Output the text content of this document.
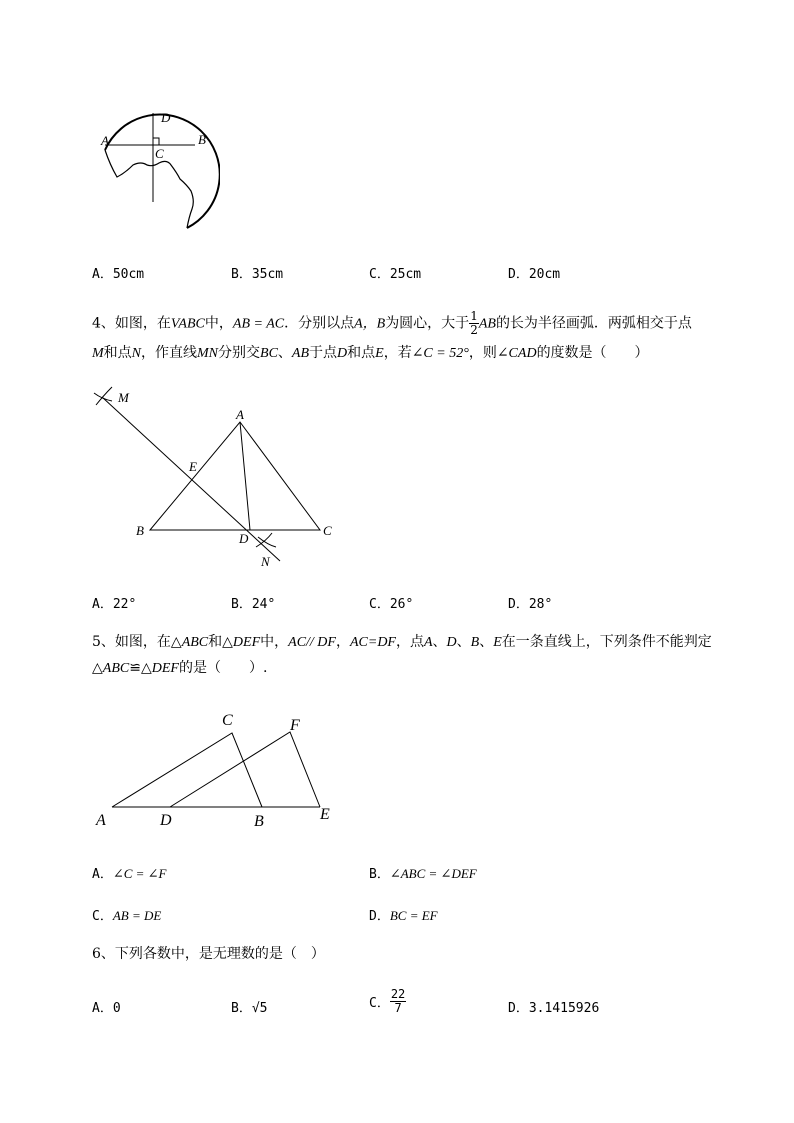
A	B
C
D
A．50cm	B．35cm	C．25cm	D．20cm
4、如图，在VABC中，AB = AC．分别以点A，B为圆心，大于 $\frac{1}{2}$ AB的长为半径画弧．两弧相交于点
M和点N，作直线MN分别交BC、AB于点D和点E，若∠C = 52°，则∠CAD的度数是（　　）
M
A
E
B
D
C
N
A．22°	B．24°	C．26°	D．28°
5、如图，在△ABC和△DEF中，AC// DF，AC=DF，点A、D、B、E在一条直线上，下列条件不能判定
△ABC≌△DEF的是（　　）.
A	D	B	E
C	F
A．∠C = ∠F	B．∠ABC = ∠DEF
C．AB = DE	D．BC = EF
6、下列各数中，是无理数的是（　）
A．0	B．√5	C． $\frac{22}{7}$	D．3.1415926
